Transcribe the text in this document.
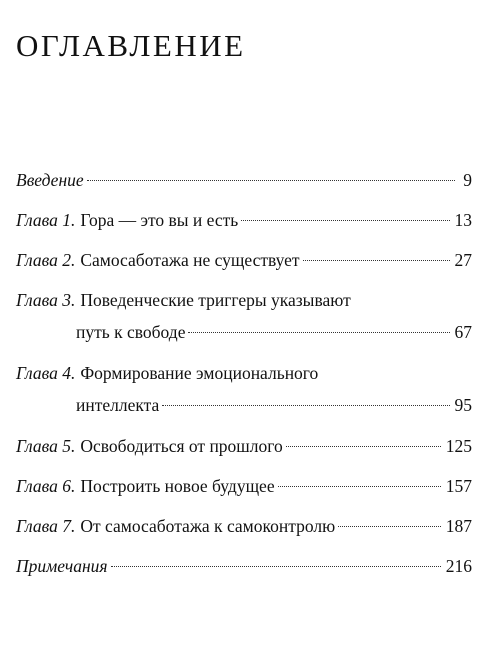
ОГЛАВЛЕНИЕ
Введение	9
Глава 1. Гора — это вы и есть	13
Глава 2. Самосаботажа не существует	27
Глава 3. Поведенческие триггеры указывают
путь к свободе	67
Глава 4. Формирование эмоционального
интеллекта	95
Глава 5. Освободиться от прошлого	125
Глава 6. Построить новое будущее	157
Глава 7. От самосаботажа к самоконтролю	187
Примечания	216
